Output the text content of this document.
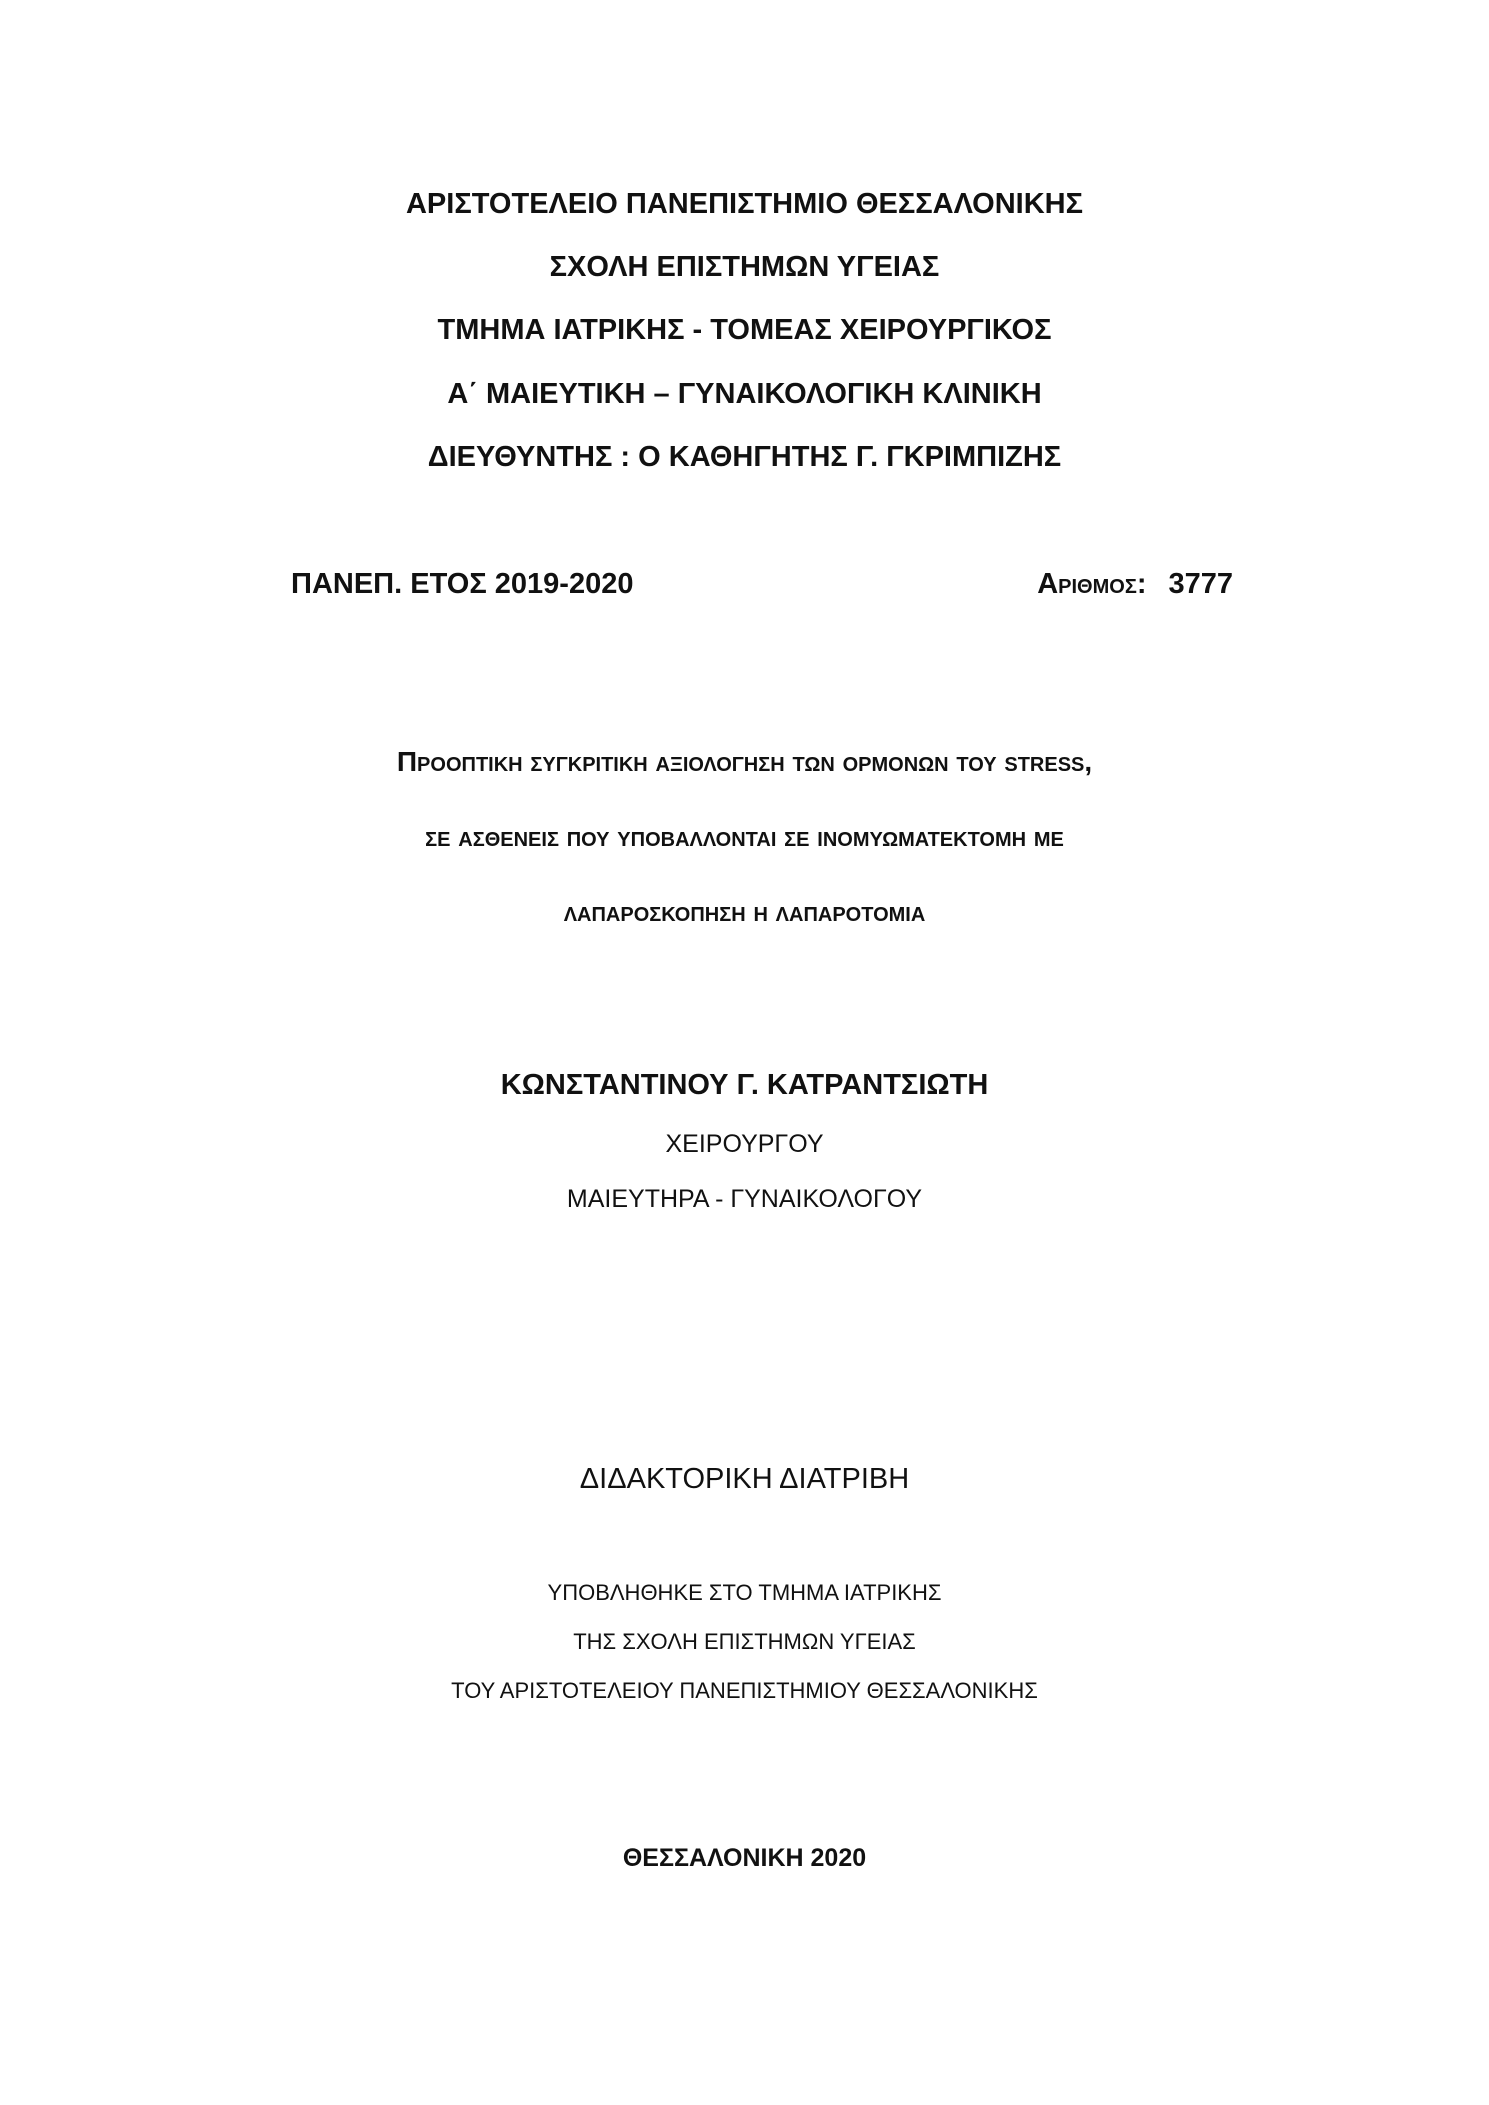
ΑΡΙΣΤΟΤΕΛΕΙΟ ΠΑΝΕΠΙΣΤΗΜΙΟ ΘΕΣΣΑΛΟΝΙΚΗΣ
ΣΧΟΛΗ ΕΠΙΣΤΗΜΩΝ ΥΓΕΙΑΣ
ΤΜΗΜΑ ΙΑΤΡΙΚΗΣ - ΤΟΜΕΑΣ ΧΕΙΡΟΥΡΓΙΚΟΣ
Α΄ ΜΑΙΕΥΤΙΚΗ – ΓΥΝΑΙΚΟΛΟΓΙΚΗ ΚΛΙΝΙΚΗ
ΔΙΕΥΘΥΝΤΗΣ : Ο ΚΑΘΗΓΗΤΗΣ Γ. ΓΚΡΙΜΠΙΖΗΣ
ΠΑΝΕΠ. ΕΤΟΣ 2019-2020	Αριθμος: 3777
Προοπτικη συγκριτικη αξιολογηση των ορμονων του stress,
σε ασθενεις που υποβαλλονται σε ινομυωματεκτομη με
λαπαροσκοπηση η λαπαροτομια
ΚΩΝΣΤΑΝΤΙΝΟΥ Γ. ΚΑΤΡΑΝΤΣΙΩΤΗ
ΧΕΙΡΟΥΡΓΟΥ
ΜΑΙΕΥΤΗΡΑ - ΓΥΝΑΙΚΟΛΟΓΟΥ
ΔΙΔΑΚΤΟΡΙΚΗ ΔΙΑΤΡΙΒΗ
ΥΠΟΒΛΗΘΗΚΕ ΣΤΟ ΤΜΗΜΑ ΙΑΤΡΙΚΗΣ
ΤΗΣ ΣΧΟΛΗ ΕΠΙΣΤΗΜΩΝ ΥΓΕΙΑΣ
ΤΟΥ ΑΡΙΣΤΟΤΕΛΕΙΟΥ ΠΑΝΕΠΙΣΤΗΜΙΟΥ ΘΕΣΣΑΛΟΝΙΚΗΣ
ΘΕΣΣΑΛΟΝΙΚΗ 2020
